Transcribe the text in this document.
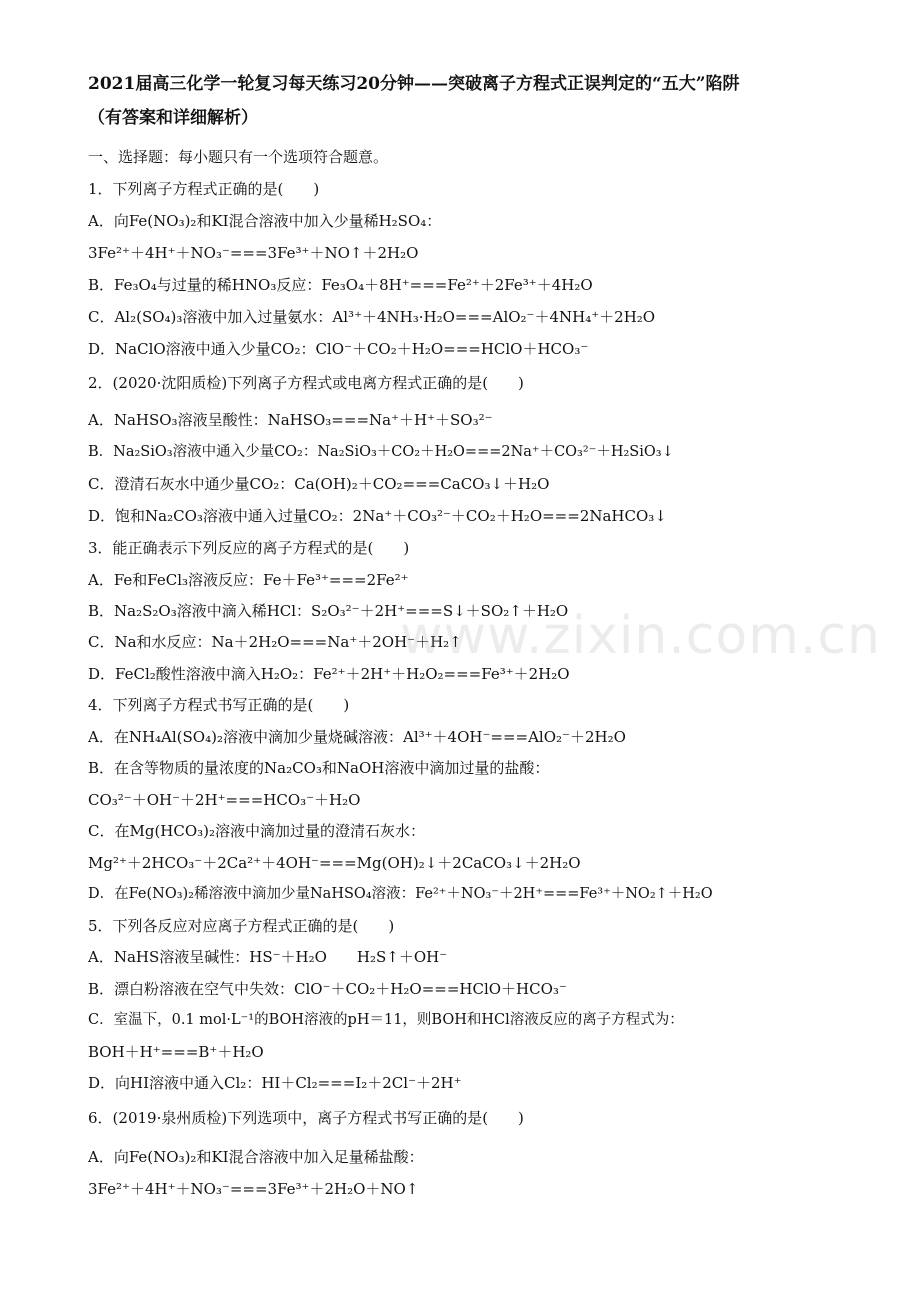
2021届高三化学一轮复习每天练习20分钟——突破离子方程式正误判定的“五大”陷阱
（有答案和详细解析）
一、选择题：每小题只有一个选项符合题意。
1．下列离子方程式正确的是(　　)
A．向Fe(NO₃)₂和KI混合溶液中加入少量稀H₂SO₄：
3Fe²⁺＋4H⁺＋NO₃⁻===3Fe³⁺＋NO↑＋2H₂O
B．Fe₃O₄与过量的稀HNO₃反应：Fe₃O₄＋8H⁺===Fe²⁺＋2Fe³⁺＋4H₂O
C．Al₂(SO₄)₃溶液中加入过量氨水：Al³⁺＋4NH₃·H₂O===AlO₂⁻＋4NH₄⁺＋2H₂O
D．NaClO溶液中通入少量CO₂：ClO⁻＋CO₂＋H₂O===HClO＋HCO₃⁻
2．(2020·沈阳质检)下列离子方程式或电离方程式正确的是(　　)
A．NaHSO₃溶液呈酸性：NaHSO₃===Na⁺＋H⁺＋SO₃²⁻
B．Na₂SiO₃溶液中通入少量CO₂：Na₂SiO₃＋CO₂＋H₂O===2Na⁺＋CO₃²⁻＋H₂SiO₃↓
C．澄清石灰水中通少量CO₂：Ca(OH)₂＋CO₂===CaCO₃↓＋H₂O
D．饱和Na₂CO₃溶液中通入过量CO₂：2Na⁺＋CO₃²⁻＋CO₂＋H₂O===2NaHCO₃↓
3．能正确表示下列反应的离子方程式的是(　　)
A．Fe和FeCl₃溶液反应：Fe＋Fe³⁺===2Fe²⁺
B．Na₂S₂O₃溶液中滴入稀HCl：S₂O₃²⁻＋2H⁺===S↓＋SO₂↑＋H₂O
C．Na和水反应：Na＋2H₂O===Na⁺＋2OH⁻＋H₂↑
D．FeCl₂酸性溶液中滴入H₂O₂：Fe²⁺＋2H⁺＋H₂O₂===Fe³⁺＋2H₂O
4．下列离子方程式书写正确的是(　　)
A．在NH₄Al(SO₄)₂溶液中滴加少量烧碱溶液：Al³⁺＋4OH⁻===AlO₂⁻＋2H₂O
B．在含等物质的量浓度的Na₂CO₃和NaOH溶液中滴加过量的盐酸：
CO₃²⁻＋OH⁻＋2H⁺===HCO₃⁻＋H₂O
C．在Mg(HCO₃)₂溶液中滴加过量的澄清石灰水：
Mg²⁺＋2HCO₃⁻＋2Ca²⁺＋4OH⁻===Mg(OH)₂↓＋2CaCO₃↓＋2H₂O
D．在Fe(NO₃)₂稀溶液中滴加少量NaHSO₄溶液：Fe²⁺＋NO₃⁻＋2H⁺===Fe³⁺＋NO₂↑＋H₂O
5．下列各反应对应离子方程式正确的是(　　)
A．NaHS溶液呈碱性：HS⁻＋H₂O　　H₂S↑＋OH⁻
B．漂白粉溶液在空气中失效：ClO⁻＋CO₂＋H₂O===HClO＋HCO₃⁻
C．室温下，0.1 mol·L⁻¹的BOH溶液的pH＝11，则BOH和HCl溶液反应的离子方程式为：
BOH＋H⁺===B⁺＋H₂O
D．向HI溶液中通入Cl₂：HI＋Cl₂===I₂＋2Cl⁻＋2H⁺
6．(2019·泉州质检)下列选项中，离子方程式书写正确的是(　　)
A．向Fe(NO₃)₂和KI混合溶液中加入足量稀盐酸：
3Fe²⁺＋4H⁺＋NO₃⁻===3Fe³⁺＋2H₂O＋NO↑
www.zixin.com.cn
